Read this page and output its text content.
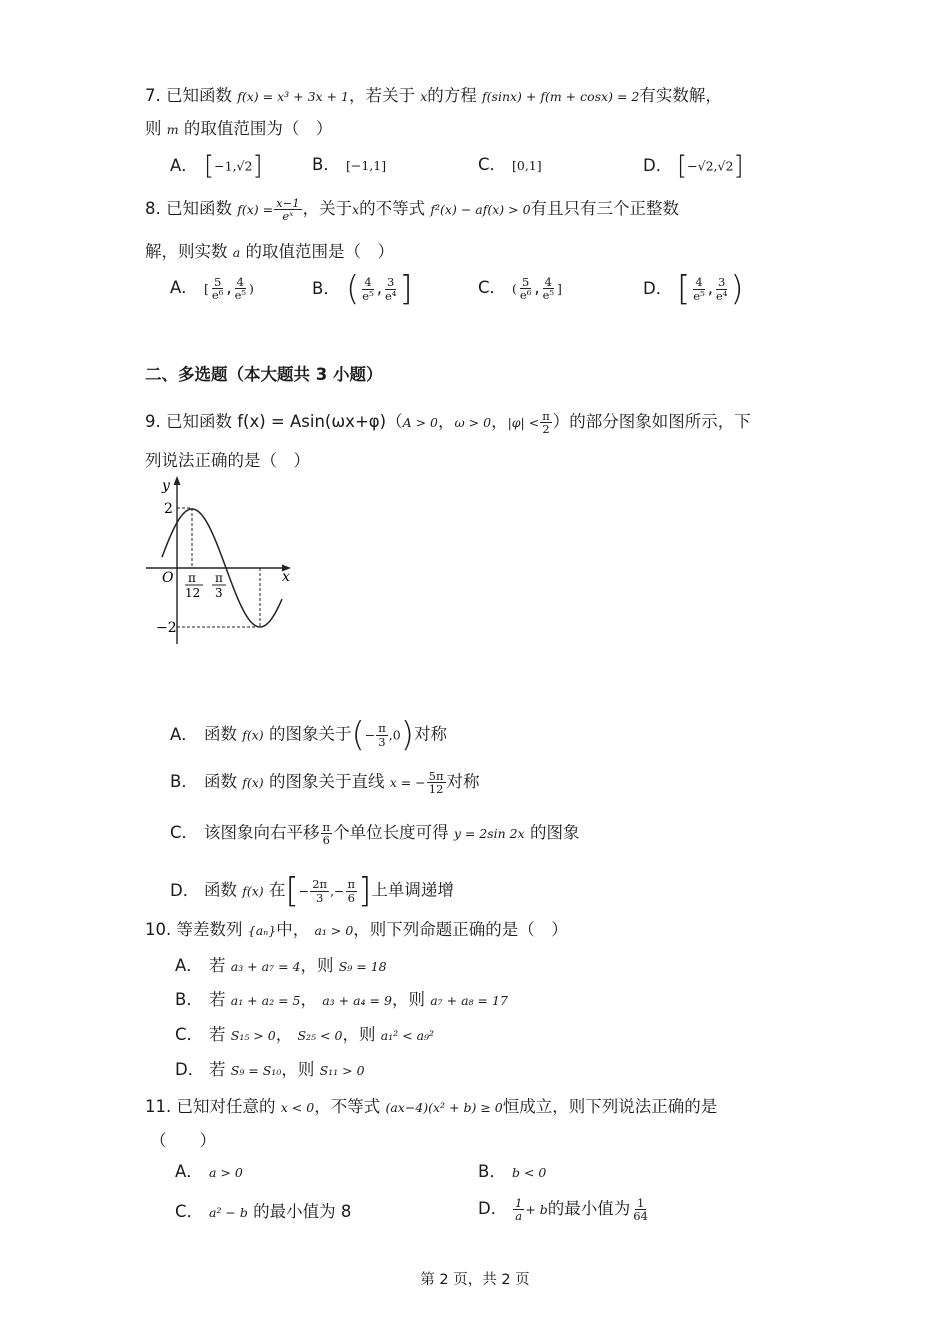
7. 已知函数 f(x) = x³ + 3x + 1，若关于 x的方程 f(sinx) + f(m + cosx) = 2有实数解，
则 m 的取值范围为（　）
A． [−1,√2]	B． [−1,1]	C． [0,1]	D． [−√2,√2]
8. 已知函数 $f(x) = \frac{x-1}{\text{eˣ}}$ ，关于x的不等式 f²(x) − af(x) > 0有且只有三个正整数
解，则实数 a 的取值范围是（　）
A． [ $\frac{5}{\text{e⁶}}$ , $\frac{4}{\text{e⁵}}$ )	B． ( $\frac{4}{\text{e⁵}}$ , $\frac{3}{\text{e⁴}}$ ]	C． ( $\frac{5}{\text{e⁶}}$ , $\frac{4}{\text{e⁵}}$ ]	D． [ $\frac{4}{\text{e⁵}}$ , $\frac{3}{\text{e⁴}}$ )
二、多选题（本大题共 3 小题）
9. 已知函数 f(x) = Asin(ωx+φ)（A > 0，ω > 0，$|\varphi| < \frac{\pi}{2}$ ）的部分图象如图所示，下
列说法正确的是（　）
y
x
O
2
−2
π
12
π
3
A． 函数 f(x) 的图象关于(− $\frac{\pi}{3} ,0$)对称
B． 函数 f(x) 的图象关于直线 x = − $\frac{5\pi}{12}$ 对称
C． 该图象向右平移 $\frac{\pi}{6}$ 个单位长度可得 y = 2sin 2x 的图象
D． 函数 f(x) 在[− $\frac{2\pi}{3}$ ,− $\frac{\pi}{6}$ ]上单调递增
10. 等差数列 {aₙ}中， a₁ > 0，则下列命题正确的是（　）
A． 若 a₃ + a₇ = 4，则 S₉ = 18
B． 若 a₁ + a₂ = 5， a₃ + a₄ = 9，则 a₇ + a₈ = 17
C． 若 S₁₅ > 0， S₂₅ < 0，则 a₁² < a₉²
D． 若 S₉ = S₁₀，则 S₁₁ > 0
11. 已知对任意的 x < 0，不等式 (ax−4)(x² + b) ≥ 0恒成立，则下列说法正确的是
（　　）
A． a > 0	B． b < 0
C． a² − b 的最小值为 8	D． $\frac{1}{a} + b$的最小值为 $\frac{1}{64}$
第 2 页，共 2 页
